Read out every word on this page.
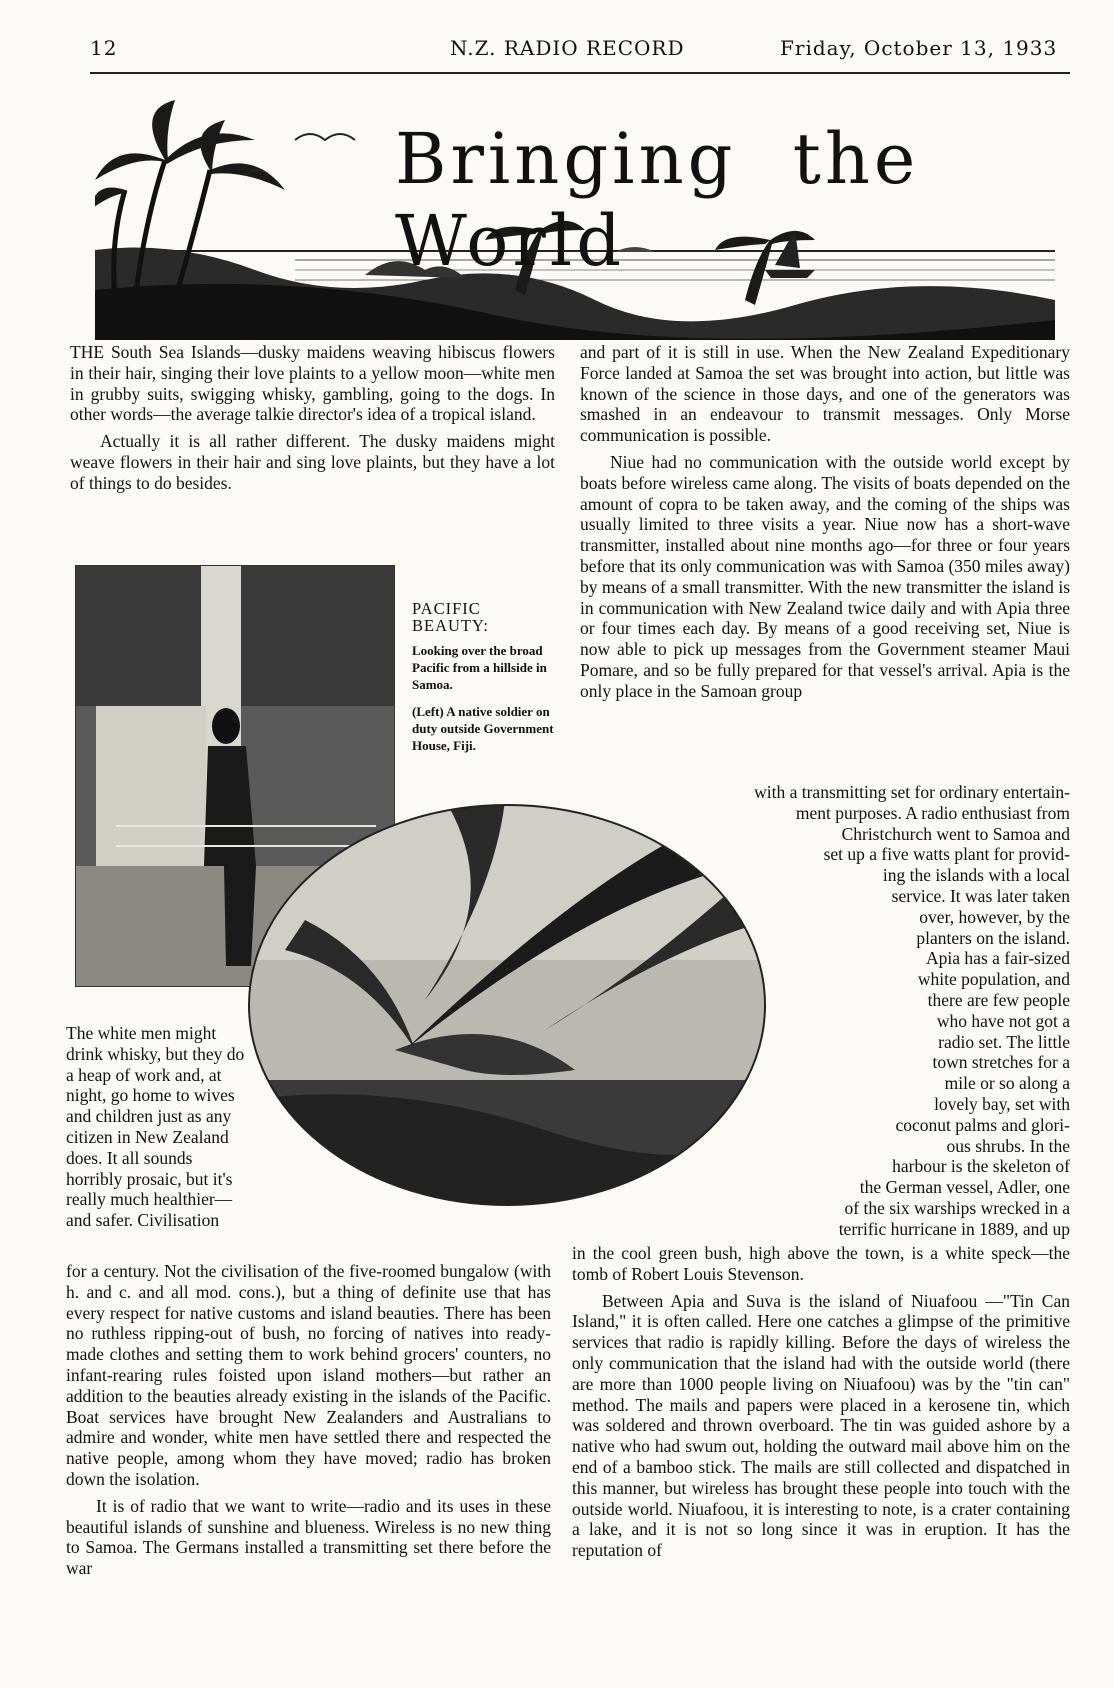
12	N.Z. RADIO RECORD	Friday, October 13, 1933
Bringing the World

THE South Sea Islands—dusky maidens weaving hibiscus flowers in their hair, singing their love plaints to a yellow moon—white men in grubby suits, swigging whisky, gambling, going to the dogs. In other words—the average talkie director's idea of a tropical island.

Actually it is all rather different. The dusky maidens might weave flowers in their hair and sing love plaints, but they have a lot of things to do besides.

PACIFIC BEAUTY:
Looking over the broad Pacific from a hillside in Samoa.
(Left) A native soldier on duty outside Government House, Fiji.
The white men might drink whisky, but they do a heap of work and, at night, go home to wives and children just as any citizen in New Zealand does. It all sounds horribly prosaic, but it's really much healthier—and safer. Civilisation

for a century. Not the civilisation of the five-roomed bungalow (with h. and c. and all mod. cons.), but a thing of definite use that has every respect for native customs and island beauties. There has been no ruthless ripping-out of bush, no forcing of natives into ready-made clothes and setting them to work behind grocers' counters, no infant-rearing rules foisted upon island mothers—but rather an addition to the beauties already existing in the islands of the Pacific. Boat services have brought New Zealanders and Australians to admire and wonder, white men have settled there and respected the native people, among whom they have moved; radio has broken down the isolation.

It is of radio that we want to write—radio and its uses in these beautiful islands of sunshine and blueness. Wireless is no new thing to Samoa. The Germans installed a transmitting set there before the war

and part of it is still in use. When the New Zealand Expeditionary Force landed at Samoa the set was brought into action, but little was known of the science in those days, and one of the generators was smashed in an endeavour to transmit messages. Only Morse communication is possible.

Niue had no communication with the outside world except by boats before wireless came along. The visits of boats depended on the amount of copra to be taken away, and the coming of the ships was usually limited to three visits a year. Niue now has a short-wave transmitter, installed about nine months ago—for three or four years before that its only communication was with Samoa (350 miles away) by means of a small transmitter. With the new transmitter the island is in communication with New Zealand twice daily and with Apia three or four times each day. By means of a good receiving set, Niue is now able to pick up messages from the Government steamer Maui Pomare, and so be fully prepared for that vessel's arrival. Apia is the only place in the Samoan group

with a transmitting set for ordinary entertain-
ment purposes. A radio enthusiast from
Christchurch went to Samoa and
set up a five watts plant for provid-
ing the islands with a local
service. It was later taken
over, however, by the
planters on the island.
Apia has a fair-sized
white population, and
there are few people
who have not got a
radio set. The little
town stretches for a
mile or so along a
lovely bay, set with
coconut palms and glori-
ous shrubs. In the
harbour is the skeleton of
the German vessel, Adler, one
of the six warships wrecked in a
terrific hurricane in 1889, and up

in the cool green bush, high above the town, is a white speck—the tomb of Robert Louis Stevenson.

Between Apia and Suva is the island of Niuafoou —"Tin Can Island," it is often called. Here one catches a glimpse of the primitive services that radio is rapidly killing. Before the days of wireless the only communication that the island had with the outside world (there are more than 1000 people living on Niuafoou) was by the "tin can" method. The mails and papers were placed in a kerosene tin, which was soldered and thrown overboard. The tin was guided ashore by a native who had swum out, holding the outward mail above him on the end of a bamboo stick. The mails are still collected and dispatched in this manner, but wireless has brought these people into touch with the outside world. Niuafoou, it is interesting to note, is a crater containing a lake, and it is not so long since it was in eruption. It has the reputation of
